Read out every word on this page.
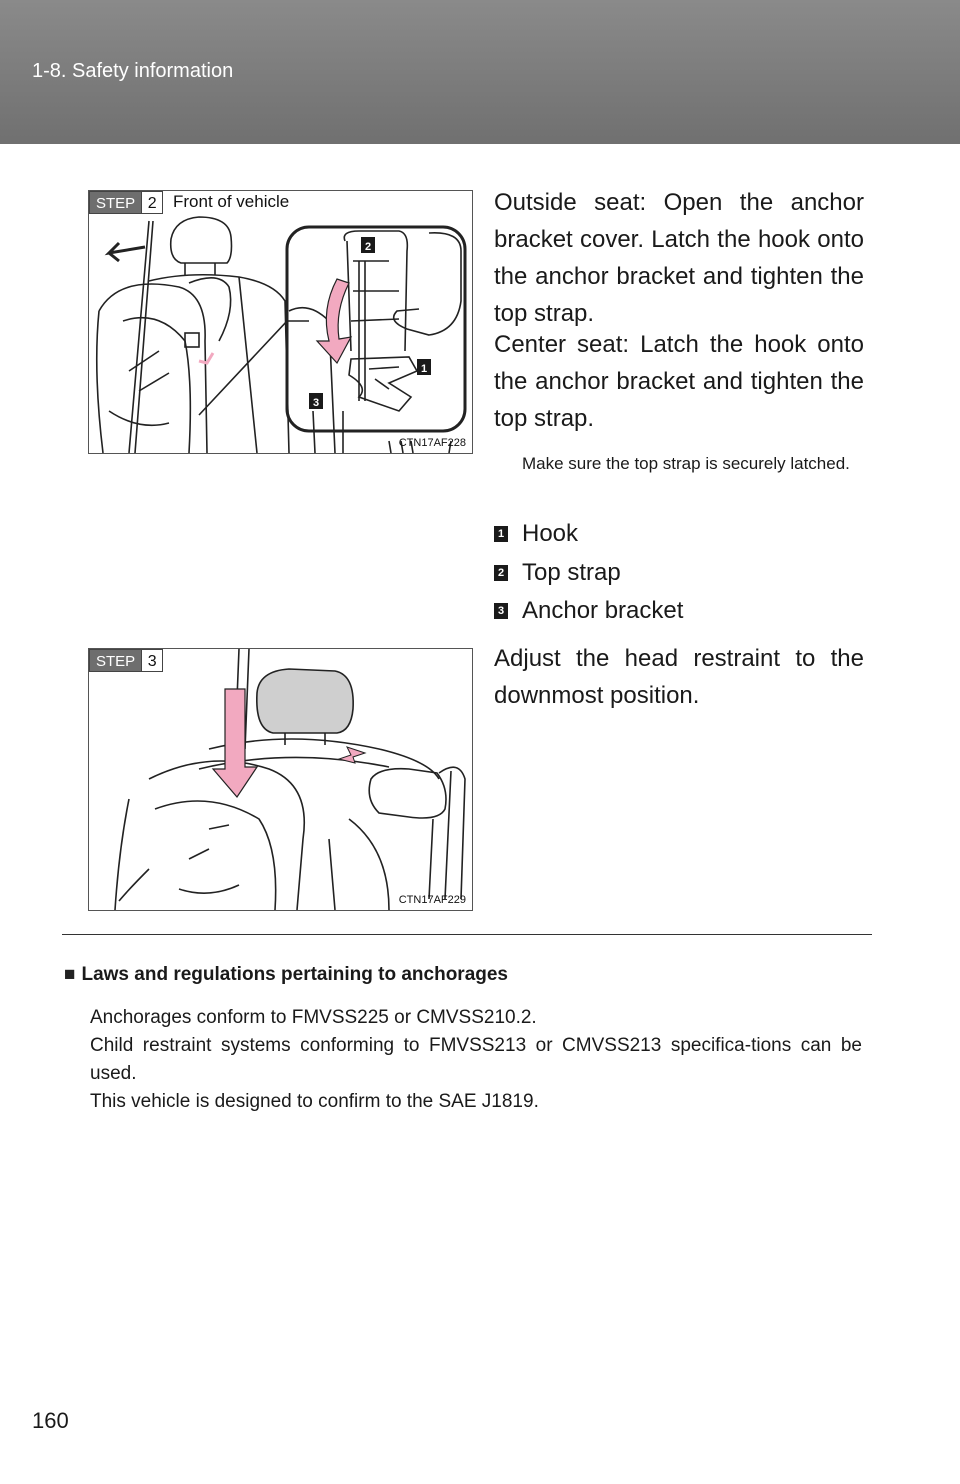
1-8. Safety information
STEP 2 Front of vehicle
CTN17AF228
2
1
3

Outside seat: Open the anchor bracket cover. Latch the hook onto the anchor bracket and tighten the top strap.

Center seat: Latch the hook onto the anchor bracket and tighten the top strap.

Make sure the top strap is securely latched.

1 Hook
2 Top strap
3 Anchor bracket
STEP 3
CTN17AF229

Adjust the head restraint to the downmost position.

■ Laws and regulations pertaining to anchorages
Anchorages conform to FMVSS225 or CMVSS210.2.
Child restraint systems conforming to FMVSS213 or CMVSS213 specifica-tions can be used.
This vehicle is designed to confirm to the SAE J1819.
160
